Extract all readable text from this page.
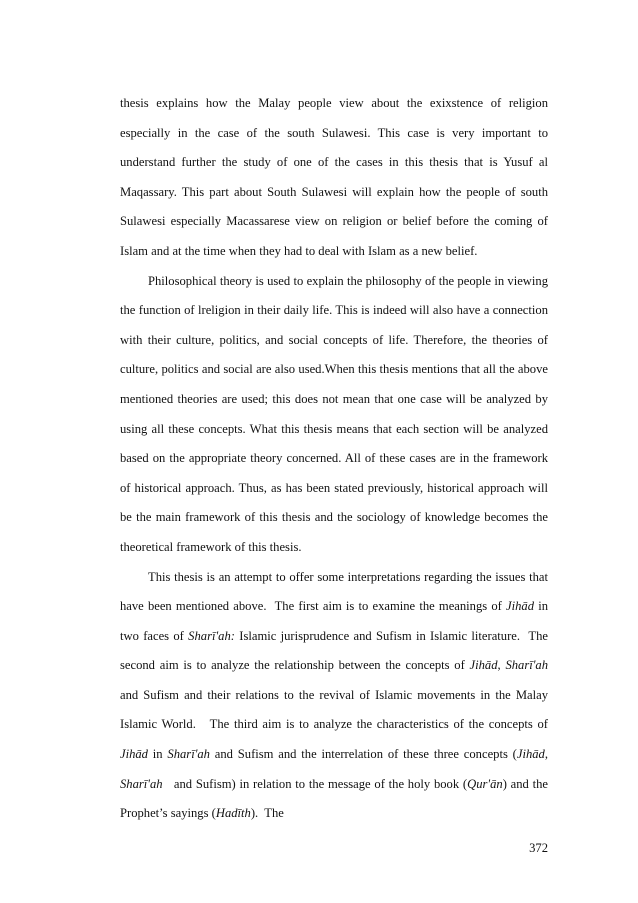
thesis explains how the Malay people view about the exixstence of religion especially in the case of the south Sulawesi. This case is very important to understand further the study of one of the cases in this thesis that is Yusuf al Maqassary. This part about South Sulawesi will explain how the people of south Sulawesi especially Macassarese view on religion or belief before the coming of Islam and at the time when they had to deal with Islam as a new belief.

Philosophical theory is used to explain the philosophy of the people in viewing the function of lreligion in their daily life. This is indeed will also have a connection with their culture, politics, and social concepts of life. Therefore, the theories of culture, politics and social are also used.When this thesis mentions that all the above mentioned theories are used; this does not mean that one case will be analyzed by using all these concepts. What this thesis means that each section will be analyzed based on the appropriate theory concerned. All of these cases are in the framework of historical approach. Thus, as has been stated previously, historical approach will be the main framework of this thesis and the sociology of knowledge becomes the theoretical framework of this thesis.

This thesis is an attempt to offer some interpretations regarding the issues that have been mentioned above.  The first aim is to examine the meanings of Jihād in two faces of Sharī'ah: Islamic jurisprudence and Sufism in Islamic literature.  The second aim is to analyze the relationship between the concepts of Jihād, Sharī'ah and Sufism and their relations to the revival of Islamic movements in the Malay Islamic World.   The third aim is to analyze the characteristics of the concepts of Jihād in Sharī'ah and Sufism and the interrelation of these three concepts (Jihād, Sharī'ah   and Sufism) in relation to the message of the holy book (Qur'ān) and the Prophet’s sayings (Hadīth).  The

372
